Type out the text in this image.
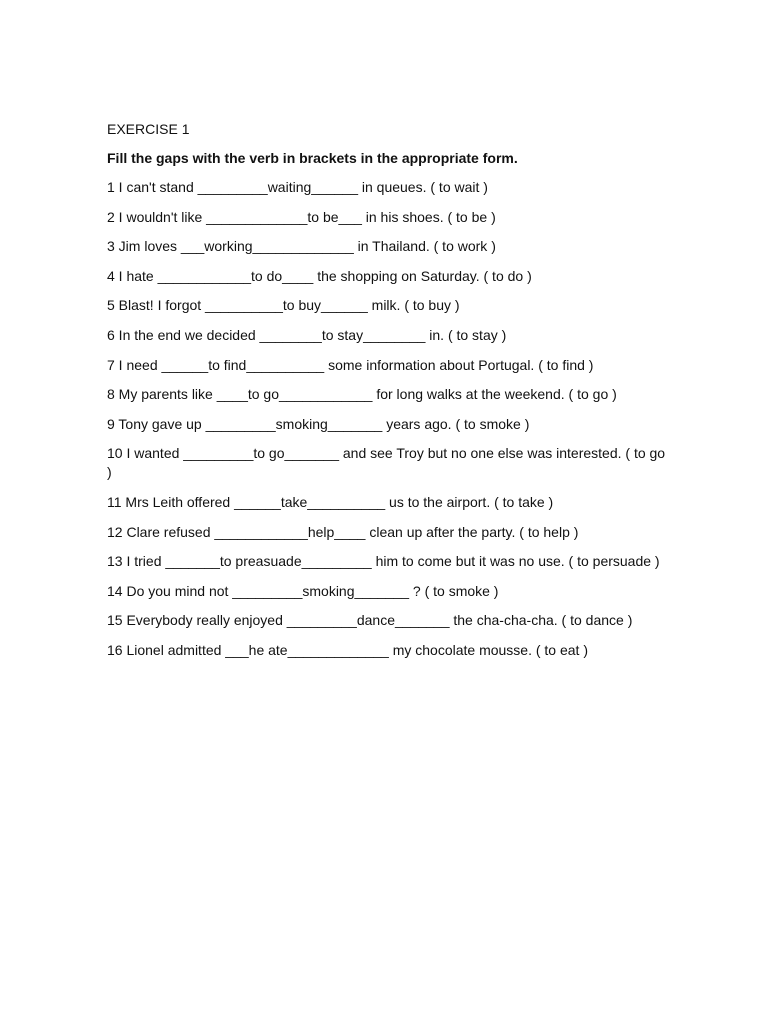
EXERCISE 1
Fill the gaps with the verb in brackets in the appropriate form.
1 I can't stand _________waiting______ in queues. ( to wait )
2 I wouldn't like _____________to be___ in his shoes. ( to be )
3 Jim loves ___working_____________ in Thailand. ( to work )
4 I hate ____________to do____ the shopping on Saturday. ( to do )
5 Blast! I forgot __________to buy______ milk. ( to buy )
6 In the end we decided ________to stay________ in. ( to stay )
7 I need ______to find__________ some information about Portugal. ( to find )
8 My parents like ____to go____________ for long walks at the weekend. ( to go )
9 Tony gave up _________smoking_______ years ago. ( to smoke )
10 I wanted _________to go_______ and see Troy but no one else was interested. ( to go )
11 Mrs Leith offered ______take__________ us to the airport. ( to take )
12 Clare refused ____________help____ clean up after the party. ( to help )
13 I tried _______to preasuade_________ him to come but it was no use. ( to persuade )
14 Do you mind not _________smoking_______ ? ( to smoke )
15 Everybody really enjoyed _________dance_______ the cha-cha-cha. ( to dance )
16 Lionel admitted ___he ate_____________ my chocolate mousse. ( to eat )
